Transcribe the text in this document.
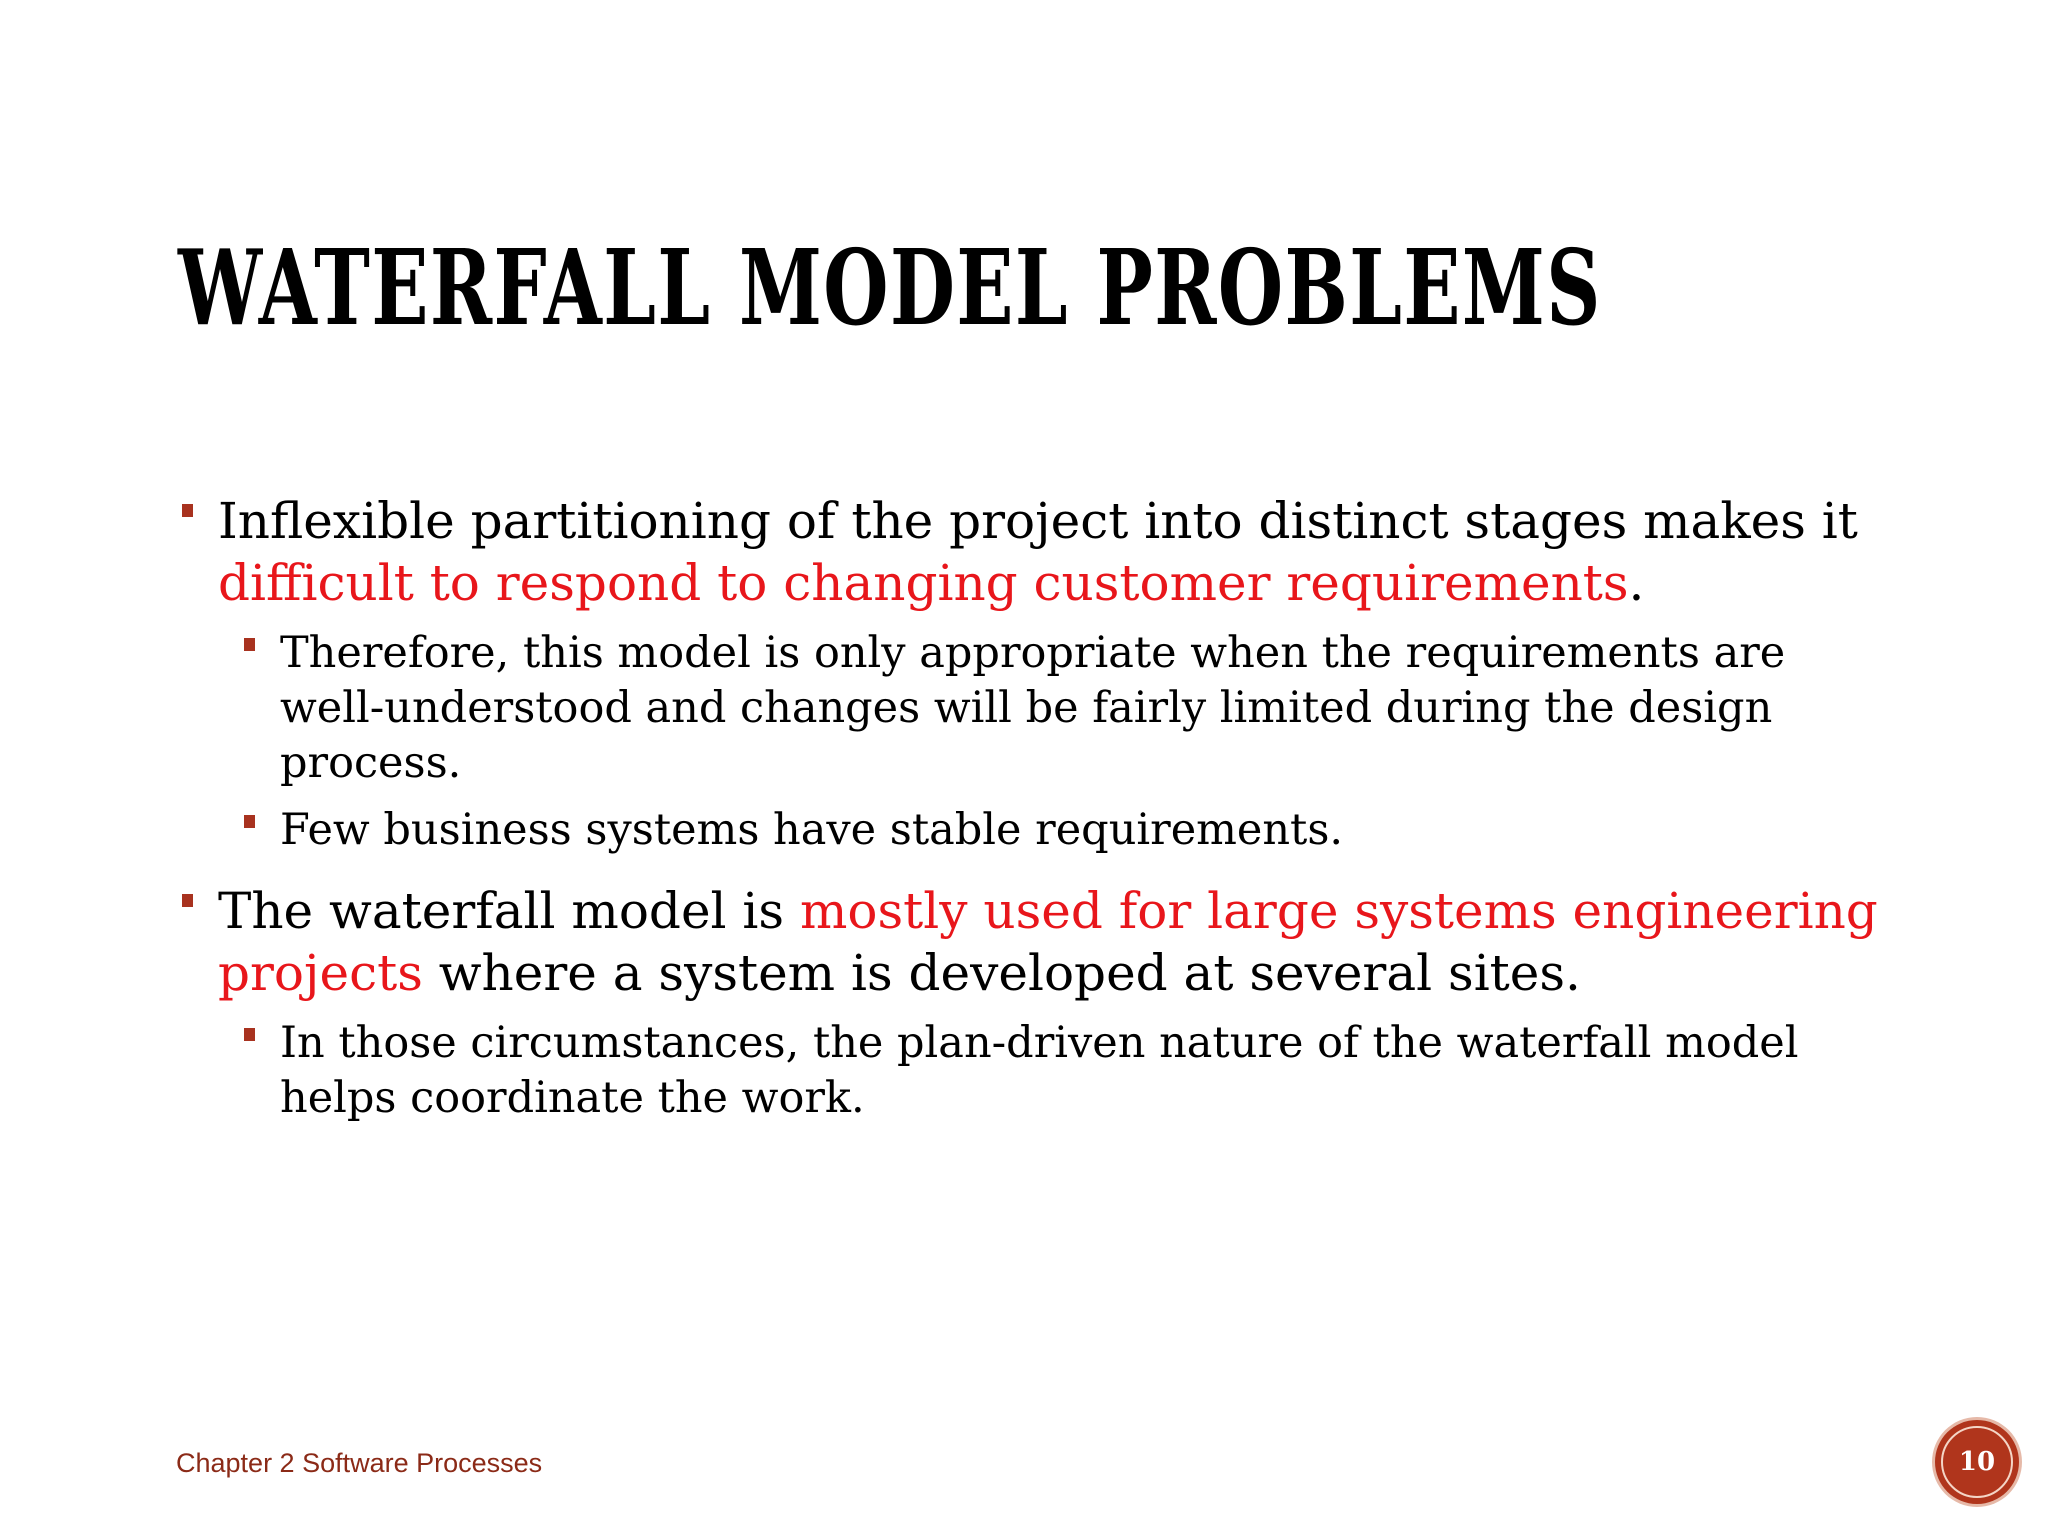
WATERFALL MODEL PROBLEMS
Inflexible partitioning of the project into distinct stages makes it difficult to respond to changing customer requirements.
Therefore, this model is only appropriate when the requirements are well-understood and changes will be fairly limited during the design process.
Few business systems have stable requirements.
The waterfall model is mostly used for large systems engineering projects where a system is developed at several sites.
In those circumstances, the plan-driven nature of the waterfall model helps coordinate the work.
Chapter 2 Software Processes	10
